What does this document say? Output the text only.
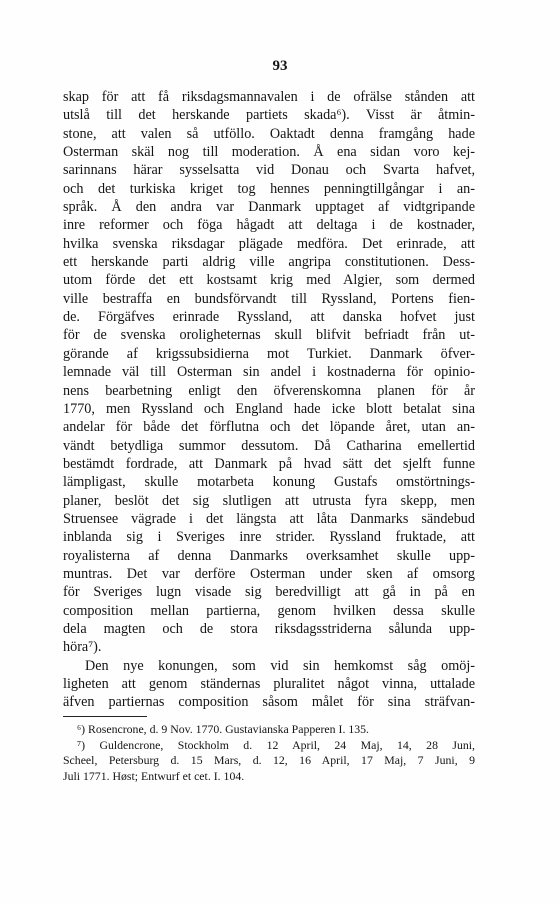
93
skap för att få riksdagsmannavalen i de ofrälse stånden att
utslå till det herskande partiets skada⁶). Visst är åtmin-
stone, att valen så utföllo. Oaktadt denna framgång hade
Osterman skäl nog till moderation. Å ena sidan voro kej-
sarinnans härar sysselsatta vid Donau och Svarta hafvet,
och det turkiska kriget tog hennes penningtillgångar i an-
språk. Å den andra var Danmark upptaget af vidtgripande
inre reformer och föga hågadt att deltaga i de kostnader,
hvilka svenska riksdagar plägade medföra. Det erinrade, att
ett herskande parti aldrig ville angripa constitutionen. Dess-
utom förde det ett kostsamt krig med Algier, som dermed
ville bestraffa en bundsförvandt till Ryssland, Portens fien-
de. Förgäfves erinrade Ryssland, att danska hofvet just
för de svenska oroligheternas skull blifvit befriadt från ut-
görande af krigssubsidierna mot Turkiet. Danmark öfver-
lemnade väl till Osterman sin andel i kostnaderna för opinio-
nens bearbetning enligt den öfverenskomna planen för år
1770, men Ryssland och England hade icke blott betalat sina
andelar för både det förflutna och det löpande året, utan an-
vändt betydliga summor dessutom. Då Catharina emellertid
bestämdt fordrade, att Danmark på hvad sätt det sjelft funne
lämpligast, skulle motarbeta konung Gustafs omstörtnings-
planer, beslöt det sig slutligen att utrusta fyra skepp, men
Struensee vägrade i det längsta att låta Danmarks sändebud
inblanda sig i Sveriges inre strider. Ryssland fruktade, att
royalisterna af denna Danmarks overksamhet skulle upp-
muntras. Det var derföre Osterman under sken af omsorg
för Sveriges lugn visade sig beredvilligt att gå in på en
composition mellan partierna, genom hvilken dessa skulle
dela magten och de stora riksdagsstriderna sålunda upp-
höra⁷).
Den nye konungen, som vid sin hemkomst såg omöj-
ligheten att genom ständernas pluralitet något vinna, uttalade
äfven partiernas composition såsom målet för sina sträfvan-
⁶) Rosencrone, d. 9 Nov. 1770. Gustavianska Papperen I. 135.
⁷) Guldencrone, Stockholm d. 12 April, 24 Maj, 14, 28 Juni,
Scheel, Petersburg d. 15 Mars, d. 12, 16 April, 17 Maj, 7 Juni, 9
Juli 1771. Høst; Entwurf et cet. I. 104.
